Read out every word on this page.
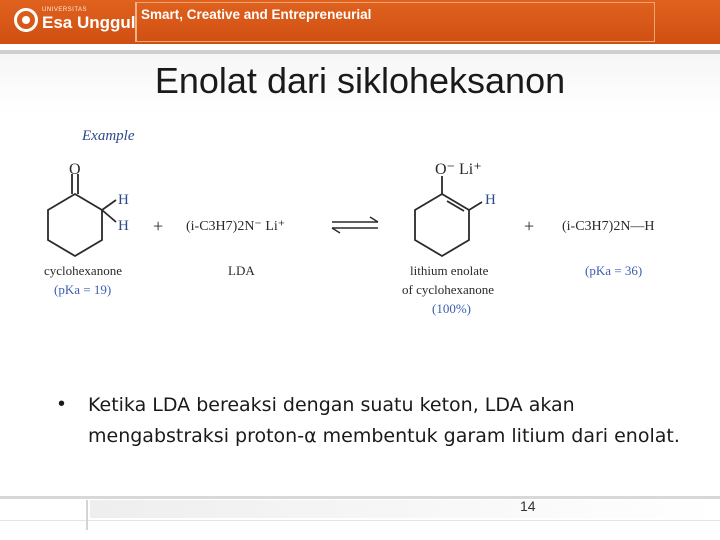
UNIVERSITAS
Esa Unggul Smart, Creative and Entrepreneurial
Enolat dari sikloheksanon
Example
O
H
H
cyclohexanone
(pKa = 19)
+ (i-C3H7)2N⁻ Li⁺
LDA
O⁻ Li⁺
H
lithium enolate
of cyclohexanone
(100%)
+ (i-C3H7)2N—H
(pKa = 36)
• Ketika LDA bereaksi dengan suatu keton, LDA akan mengabstraksi proton-α membentuk garam litium dari enolat.
14
